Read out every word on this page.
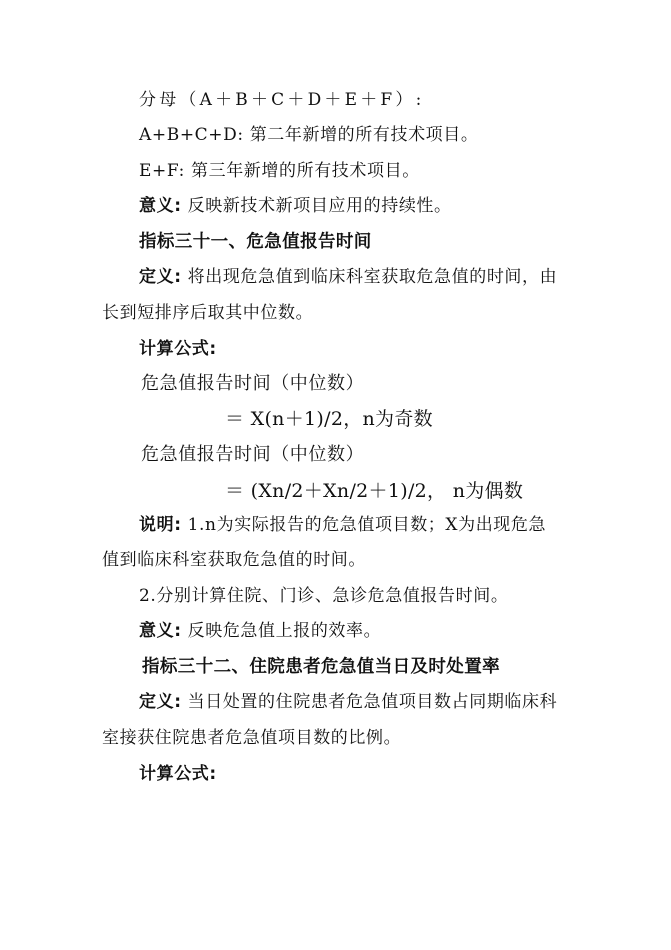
分母（A＋B＋C＋D＋E＋F）:
A+B+C+D: 第二年新增的所有技术项目。
E+F: 第三年新增的所有技术项目。
意义: 反映新技术新项目应用的持续性。
指标三十一、危急值报告时间
定义: 将出现危急值到临床科室获取危急值的时间，由
长到短排序后取其中位数。
计算公式:
危急值报告时间（中位数）
＝ X(n＋1)/2，n为奇数
危急值报告时间（中位数）
＝ (Xn/2＋Xn/2＋1)/2， n为偶数
说明: 1.n为实际报告的危急值项目数；X为出现危急
值到临床科室获取危急值的时间。
2.分别计算住院、门诊、急诊危急值报告时间。
意义: 反映危急值上报的效率。
指标三十二、住院患者危急值当日及时处置率
定义: 当日处置的住院患者危急值项目数占同期临床科
室接获住院患者危急值项目数的比例。
计算公式:
